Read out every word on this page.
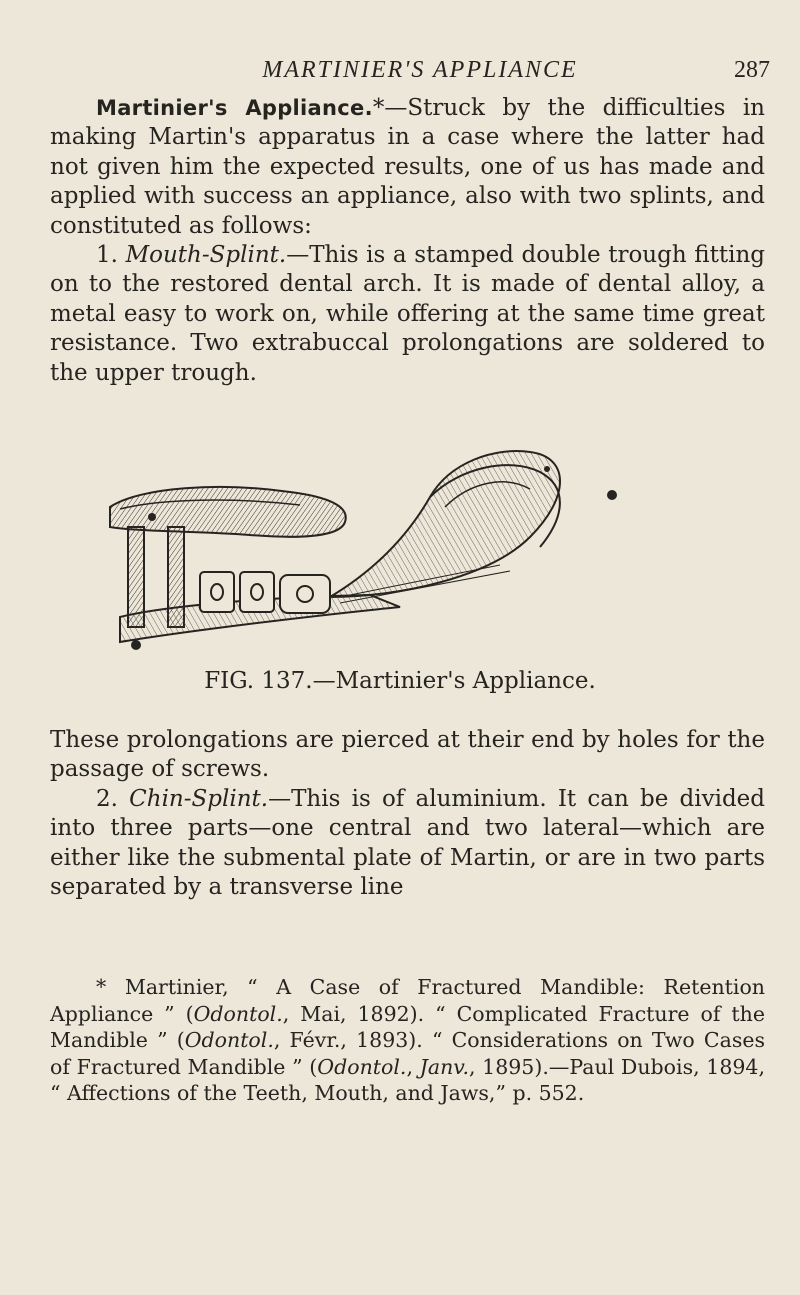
MARTINIER'S APPLIANCE	287

Martinier's Appliance.*—Struck by the difficulties in making Martin's apparatus in a case where the latter had not given him the expected results, one of us has made and applied with success an appliance, also with two splints, and constituted as follows:

1. Mouth-Splint.—This is a stamped double trough fitting on to the restored dental arch. It is made of dental alloy, a metal easy to work on, while offering at the same time great resistance. Two extrabuccal prolongations are soldered to the upper trough.

FIG. 137.—Martinier's Appliance.

These prolongations are pierced at their end by holes for the passage of screws.

2. Chin-Splint.—This is of aluminium. It can be divided into three parts—one central and two lateral—which are either like the submental plate of Martin, or are in two parts separated by a transverse line

* Martinier, “ A Case of Fractured Mandible: Retention Appliance ” (Odontol., Mai, 1892). “ Complicated Fracture of the Mandible ” (Odontol., Févr., 1893). “ Considerations on Two Cases of Fractured Mandible ” (Odontol., Janv., 1895).—Paul Dubois, 1894, “ Affections of the Teeth, Mouth, and Jaws,” p. 552.
